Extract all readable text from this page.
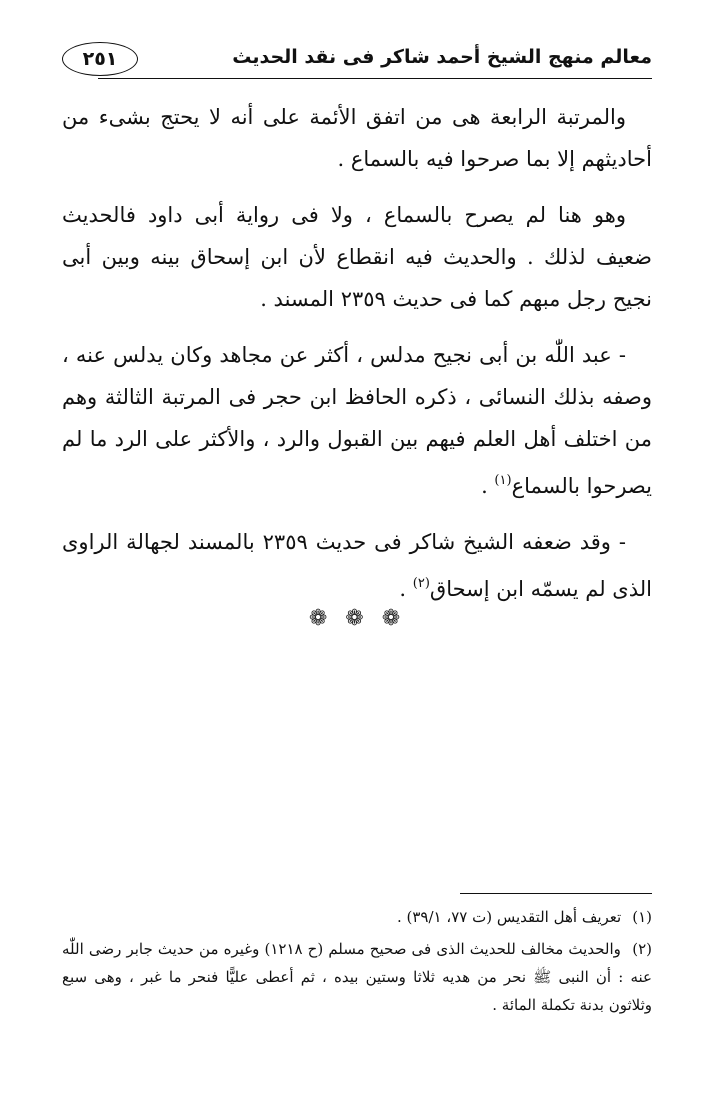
٢٥١	معالم منهج الشيخ أحمد شاكر فى نقد الحديث

والمرتبة الرابعة هى من اتفق الأئمة على أنه لا يحتج بشىء من أحاديثهم إلا بما صرحوا فيه بالسماع .

وهو هنا لم يصرح بالسماع ، ولا فى رواية أبى داود فالحديث ضعيف لذلك . والحديث فيه انقطاع لأن ابن إسحاق بينه وبين أبى نجيح رجل مبهم كما فى حديث ٢٣٥٩ المسند .

- عبد اللّٰه بن أبى نجيح مدلس ، أكثر عن مجاهد وكان يدلس عنه ، وصفه بذلك النسائى ، ذكره الحافظ ابن حجر فى المرتبة الثالثة وهم من اختلف أهل العلم فيهم بين القبول والرد ، والأكثر على الرد ما لم يصرحوا بالسماع$^{(١)}$ .

- وقد ضعفه الشيخ شاكر فى حديث ٢٣٥٩ بالمسند لجهالة الراوى الذى لم يسمّه ابن إسحاق$^{(٢)}$ .

❁❁❁

(١) تعريف أهل التقديس (ت ٧٧، ٣٩/١) .

(٢) والحديث مخالف للحديث الذى فى صحيح مسلم (ح ١٢١٨) وغيره من حديث جابر رضى اللّٰه عنه : أن النبى ﷺ نحر من هديه ثلاثا وستين بيده ، ثم أعطى عليًّا فنحر ما غبر ، وهى سبع وثلاثون بدنة تكملة المائة .
